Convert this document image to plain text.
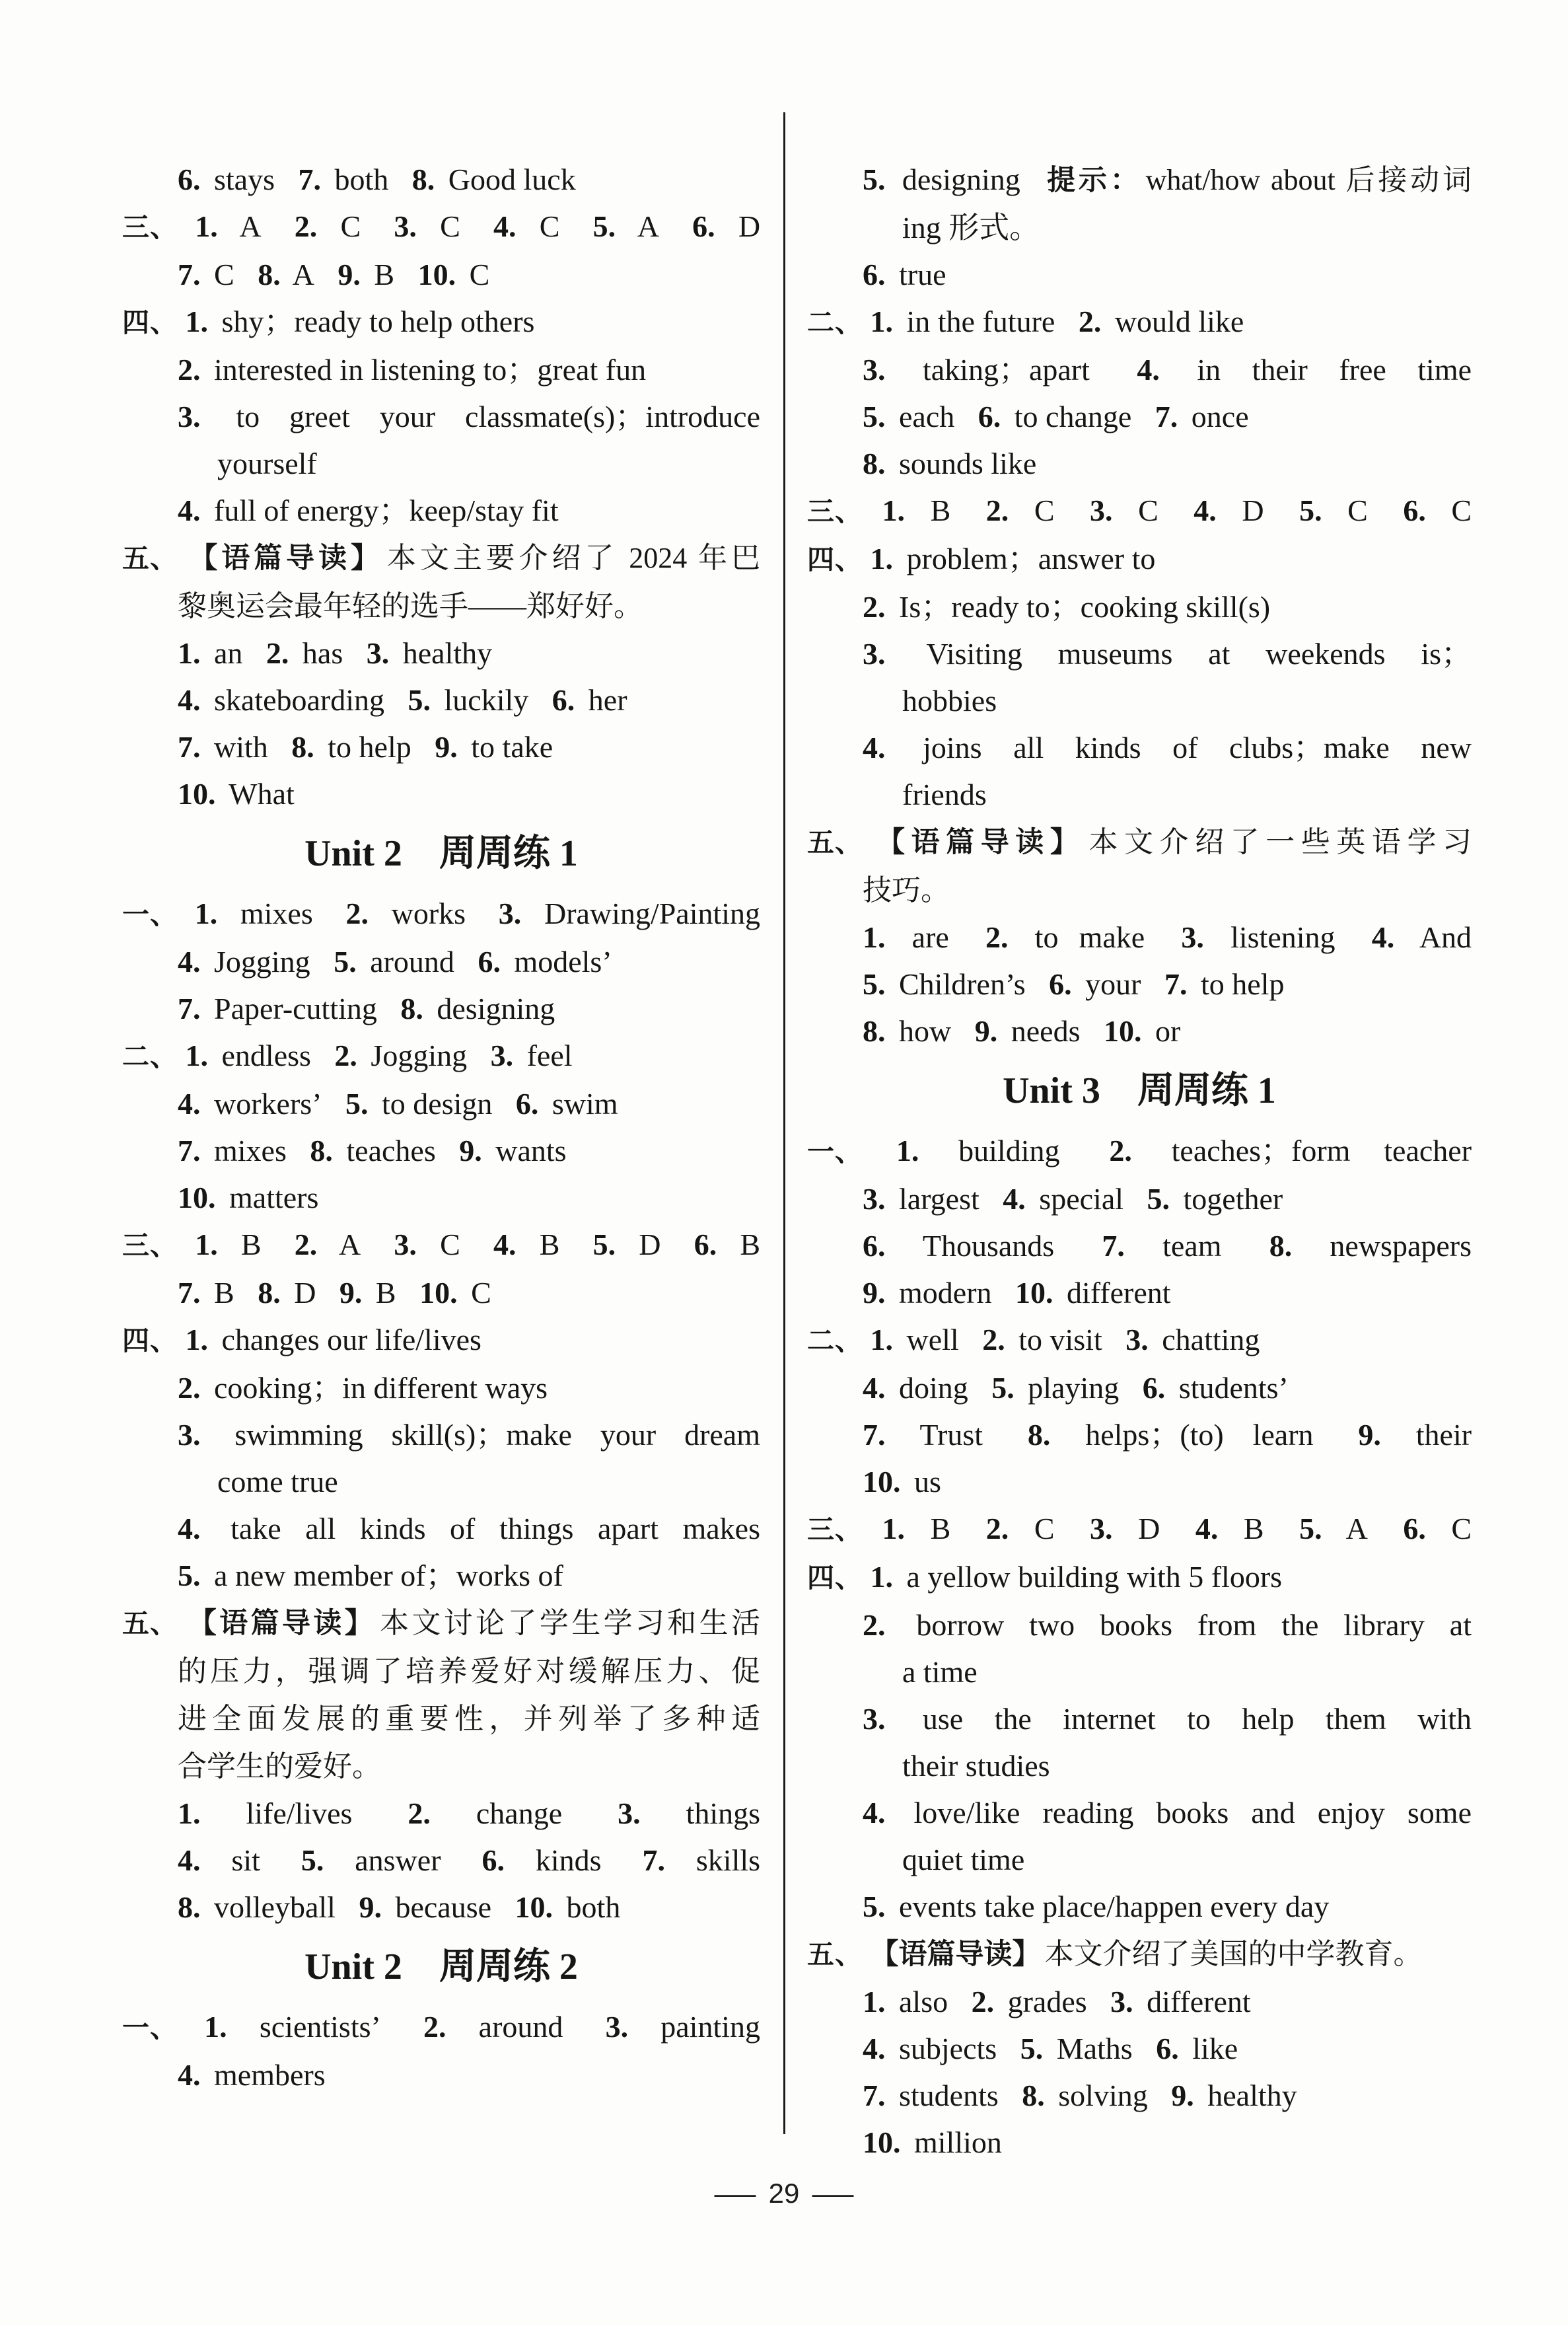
6. stays 7. both 8. Good luck
三、 1. A 2. C 3. C 4. C 5. A 6. D
7. C 8. A 9. B 10. C
四、 1. shy；ready to help others
2. interested in listening to；great fun
3. to greet your classmate(s)；introduce
yourself
4. full of energy；keep/stay fit
五、 【语篇导读】 本文主要介绍了 2024 年巴
黎奥运会最年轻的选手——郑好好。
1. an 2. has 3. healthy
4. skateboarding 5. luckily 6. her
7. with 8. to help 9. to take
10. What
Unit 2　周周练 1
一、 1. mixes 2. works 3. Drawing/Painting
4. Jogging 5. around 6. models’
7. Paper-cutting 8. designing
二、 1. endless 2. Jogging 3. feel
4. workers’ 5. to design 6. swim
7. mixes 8. teaches 9. wants
10. matters
三、 1. B 2. A 3. C 4. B 5. D 6. B
7. B 8. D 9. B 10. C
四、 1. changes our life/lives
2. cooking；in different ways
3. swimming skill(s)；make your dream
come true
4. take all kinds of things apart makes
5. a new member of；works of
五、 【语篇导读】 本文讨论了学生学习和生活
的压力，强调了培养爱好对缓解压力、促
进全面发展的重要性，并列举了多种适
合学生的爱好。
1. life/lives 2. change 3. things
4. sit 5. answer 6. kinds 7. skills
8. volleyball 9. because 10. both
Unit 2　周周练 2
一、 1. scientists’ 2. around 3. painting
4. members
5. designing 提示： what/how about 后接动词
ing 形式。
6. true
二、 1. in the future 2. would like
3. taking；apart 4. in their free time
5. each 6. to change 7. once
8. sounds like
三、 1. B 2. C 3. C 4. D 5. C 6. C
四、 1. problem；answer to
2. Is；ready to；cooking skill(s)
3. Visiting museums at weekends is；
hobbies
4. joins all kinds of clubs；make new
friends
五、 【语篇导读】 本文介绍了一些英语学习
技巧。
1. are 2. to make 3. listening 4. And
5. Children’s 6. your 7. to help
8. how 9. needs 10. or
Unit 3　周周练 1
一、 1. building 2. teaches；form teacher
3. largest 4. special 5. together
6. Thousands 7. team 8. newspapers
9. modern 10. different
二、 1. well 2. to visit 3. chatting
4. doing 5. playing 6. students’
7. Trust 8. helps；(to) learn 9. their
10. us
三、 1. B 2. C 3. D 4. B 5. A 6. C
四、 1. a yellow building with 5 floors
2. borrow two books from the library at
a time
3. use the internet to help them with
their studies
4. love/like reading books and enjoy some
quiet time
5. events take place/happen every day
五、 【语篇导读】 本文介绍了美国的中学教育。
1. also 2. grades 3. different
4. subjects 5. Maths 6. like
7. students 8. solving 9. healthy
10. million
— 29 —
